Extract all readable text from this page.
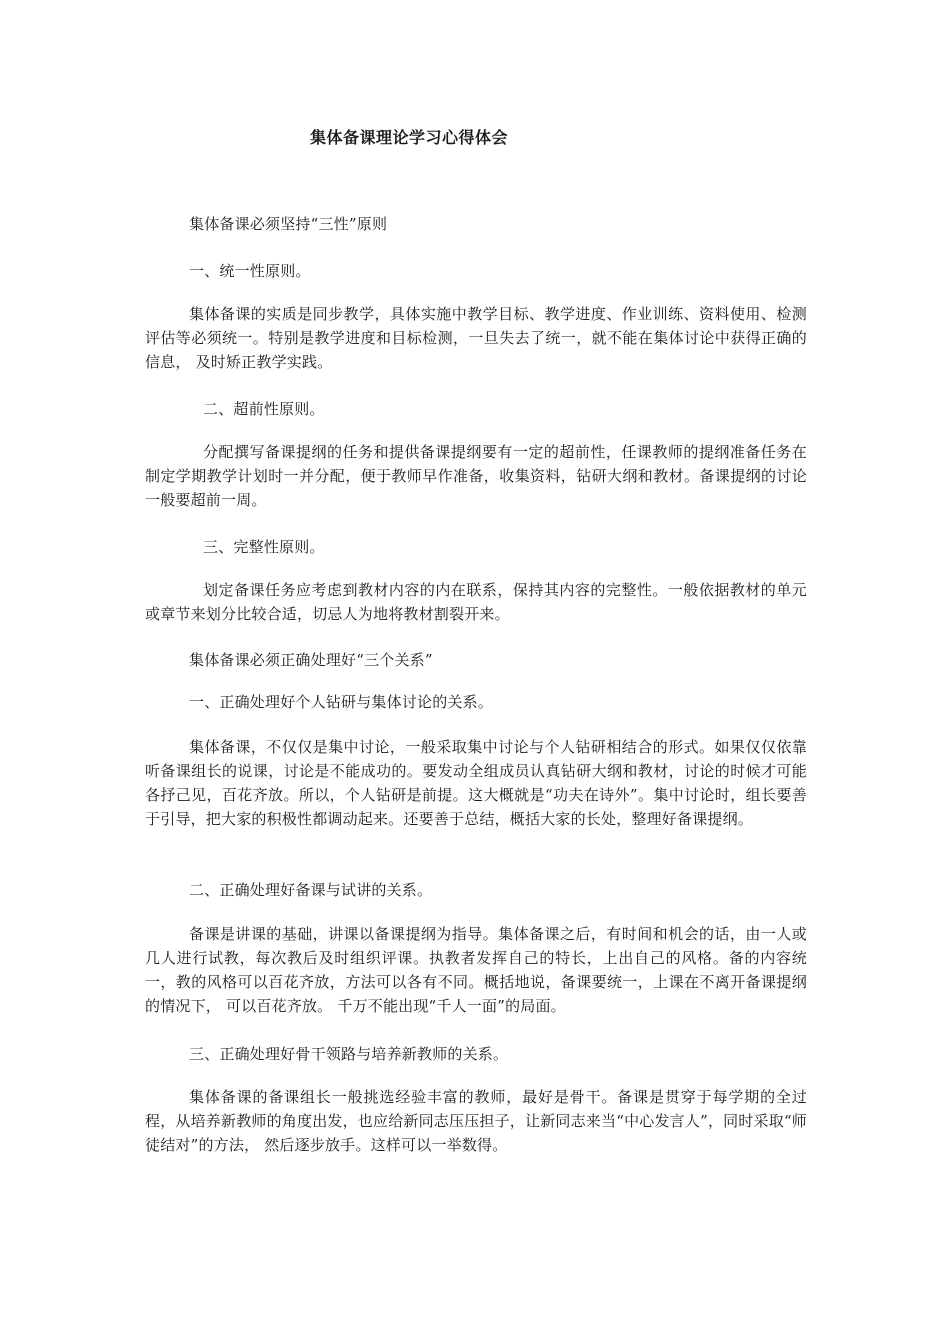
集体备课理论学习心得体会
集体备课必须坚持“三性”原则
一、统一性原则。
集体备课的实质是同步教学，具体实施中教学目标、教学进度、作业训练、资料使用、检测评估等必须统一。特别是教学进度和目标检测，一旦失去了统一，就不能在集体讨论中获得正确的信息， 及时矫正教学实践。
二、超前性原则。
分配撰写备课提纲的任务和提供备课提纲要有一定的超前性，任课教师的提纲准备任务在制定学期教学计划时一并分配，便于教师早作准备，收集资料，钻研大纲和教材。备课提纲的讨论一般要超前一周。
三、完整性原则。
划定备课任务应考虑到教材内容的内在联系，保持其内容的完整性。一般依据教材的单元或章节来划分比较合适，切忌人为地将教材割裂开来。
集体备课必须正确处理好“三个关系”
一、正确处理好个人钻研与集体讨论的关系。
集体备课，不仅仅是集中讨论，一般采取集中讨论与个人钻研相结合的形式。如果仅仅依靠听备课组长的说课，讨论是不能成功的。要发动全组成员认真钻研大纲和教材，讨论的时候才可能各抒己见，百花齐放。所以，个人钻研是前提。这大概就是“功夫在诗外”。集中讨论时，组长要善于引导，把大家的积极性都调动起来。还要善于总结，概括大家的长处，整理好备课提纲。
二、正确处理好备课与试讲的关系。
备课是讲课的基础，讲课以备课提纲为指导。集体备课之后，有时间和机会的话，由一人或几人进行试教，每次教后及时组织评课。执教者发挥自己的特长，上出自己的风格。备的内容统一，教的风格可以百花齐放，方法可以各有不同。概括地说，备课要统一，上课在不离开备课提纲的情况下， 可以百花齐放。 千万不能出现“千人一面”的局面。
三、正确处理好骨干领路与培养新教师的关系。
集体备课的备课组长一般挑选经验丰富的教师，最好是骨干。备课是贯穿于每学期的全过程，从培养新教师的角度出发，也应给新同志压压担子，让新同志来当“中心发言人”，同时采取“师徒结对”的方法， 然后逐步放手。这样可以一举数得。
